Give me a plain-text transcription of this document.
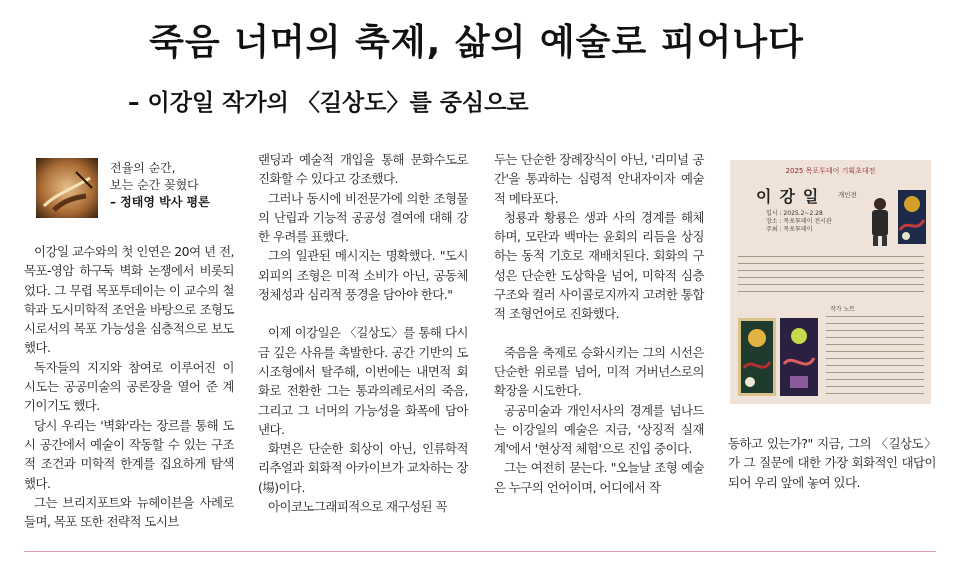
죽음 너머의 축제, 삶의 예술로 피어나다
– 이강일 작가의 〈길상도〉를 중심으로
전율의 순간,
보는 순간 꽂혔다
– 정태영 박사 평론

이강일 교수와의 첫 인연은 20여 년 전, 목포-영암 하구둑 벽화 논쟁에서 비롯되었다. 그 무렵 목포투데이는 이 교수의 철학과 도시미학적 조언을 바탕으로 조형도시로서의 목포 가능성을 심층적으로 보도했다.

독자들의 지지와 참여로 이루어진 이 시도는 공공미술의 공론장을 열어 준 계기이기도 했다.

당시 우리는 '벽화'라는 장르를 통해 도시 공간에서 예술이 작동할 수 있는 구조적 조건과 미학적 한계를 집요하게 탐색했다.

그는 브리지포트와 뉴헤이븐을 사례로 들며, 목포 또한 전략적 도시브

랜딩과 예술적 개입을 통해 문화수도로 진화할 수 있다고 강조했다.

그러나 동시에 비전문가에 의한 조형물의 난립과 기능적 공공성 결여에 대해 강한 우려를 표했다.

그의 일관된 메시지는 명확했다. "도시 외피의 조형은 미적 소비가 아닌, 공동체 정체성과 심리적 풍경을 담아야 한다."

이제 이강일은 〈길상도〉를 통해 다시금 깊은 사유를 촉발한다. 공간 기반의 도시조형에서 탈주해, 이번에는 내면적 회화로 전환한 그는 통과의례로서의 죽음, 그리고 그 너머의 가능성을 화폭에 담아낸다.

화면은 단순한 회상이 아닌, 인류학적 리추얼과 회화적 아카이브가 교차하는 장(場)이다.

아이코노그래피적으로 재구성된 꼭

두는 단순한 장례장식이 아닌, '리미널 공간'을 통과하는 심령적 안내자이자 예술적 메타포다.

청룡과 황룡은 생과 사의 경계를 해체하며, 모란과 백마는 윤회의 리듬을 상징하는 동적 기호로 재배치된다. 회화의 구성은 단순한 도상학을 넘어, 미학적 심층구조와 컬러 사이콜로지까지 고려한 통합적 조형언어로 진화했다.

죽음을 축제로 승화시키는 그의 시선은 단순한 위로를 넘어, 미적 거버넌스로의 확장을 시도한다.

공공미술과 개인서사의 경계를 넘나드는 이강일의 예술은 지금, '상징적 실재계'에서 '현상적 체험'으로 진입 중이다.

그는 여전히 묻는다. "오늘날 조형 예술은 누구의 언어이며, 어디에서 작

2025 목포투데이 기획초대전
이강일 개인전
일시 : 2025.2~2.28
장소 : 목포투데이 전시관
주최 : 목포투데이
작가 노트

동하고 있는가?" 지금, 그의 〈길상도〉가 그 질문에 대한 가장 회화적인 대답이 되어 우리 앞에 놓여 있다.
